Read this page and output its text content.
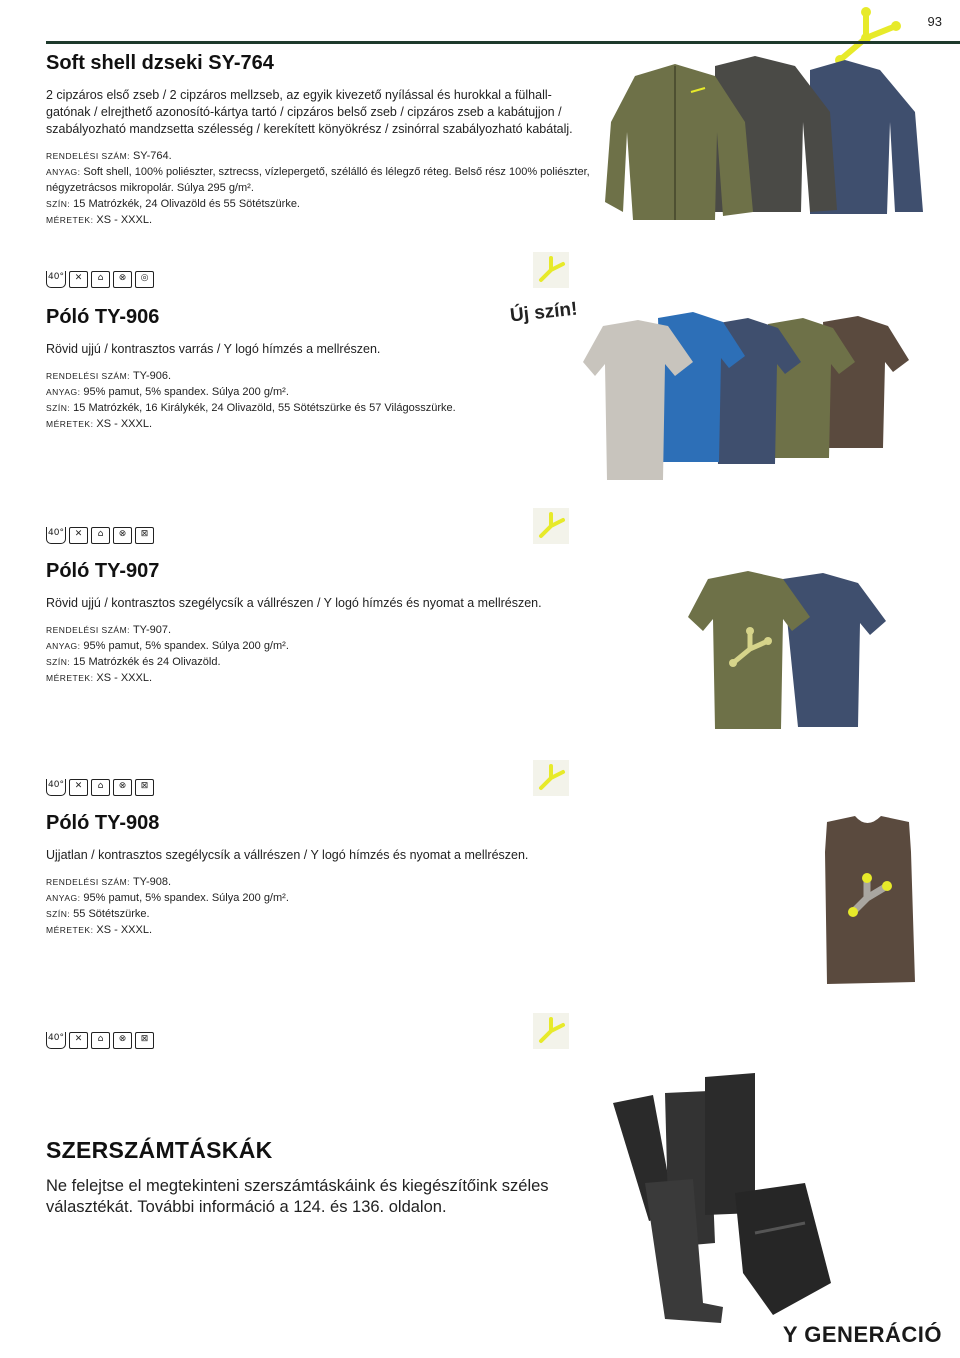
93
Soft shell dzseki SY-764

2 cipzáros első zseb / 2 cipzáros mellzseb, az egyik kivezető nyílással és hurokkal a fülhall-gatónak / elrejthető azonosító-kártya tartó / cipzáros belső zseb / cipzáros zseb a kabátujjon / szabályozható mandzsetta szélesség / kerekített könyökrész / zsinórral szabályozható kabátalj.

RENDELÉSI SZÁM: SY-764.
ANYAG: Soft shell, 100% poliészter, sztrecss, vízlepergető, szélálló és lélegző réteg. Belső rész 100% poliészter, négyzetrácsos mikropolár. Súlya 295 g/m².
SZÍN: 15 Matrózkék, 24 Olivazöld és 55 Sötétszürke.
MÉRETEK: XS - XXXL.
40°	✕	⌂	⊗	◎
Póló TY-906

Rövid ujjú / kontrasztos varrás / Y logó hímzés a mellrészen.

RENDELÉSI SZÁM: TY-906.
ANYAG: 95% pamut, 5% spandex. Súlya 200 g/m².
SZÍN: 15 Matrózkék, 16 Királykék, 24 Olivazöld, 55 Sötétszürke és 57 Világosszürke.
MÉRETEK: XS - XXXL.
Új szín!
40°	✕	⌂	⊗	⊠
Póló TY-907

Rövid ujjú / kontrasztos szegélycsík a vállrészen / Y logó hímzés és nyomat a mellrészen.

RENDELÉSI SZÁM: TY-907.
ANYAG: 95% pamut, 5% spandex. Súlya 200 g/m².
SZÍN: 15 Matrózkék és 24 Olivazöld.
MÉRETEK: XS - XXXL.
40°	✕	⌂	⊗	⊠
Póló TY-908

Ujjatlan / kontrasztos szegélycsík a vállrészen / Y logó hímzés és nyomat a mellrészen.

RENDELÉSI SZÁM: TY-908.
ANYAG: 95% pamut, 5% spandex. Súlya 200 g/m².
SZÍN: 55 Sötétszürke.
MÉRETEK: XS - XXXL.
40°	✕	⌂	⊗	⊠
SZERSZÁMTÁSKÁK

Ne felejtse el megtekinteni szerszámtáskáink és kiegészítőink széles választékát. További információ a 124. és 136. oldalon.

Y GENERÁCIÓ
